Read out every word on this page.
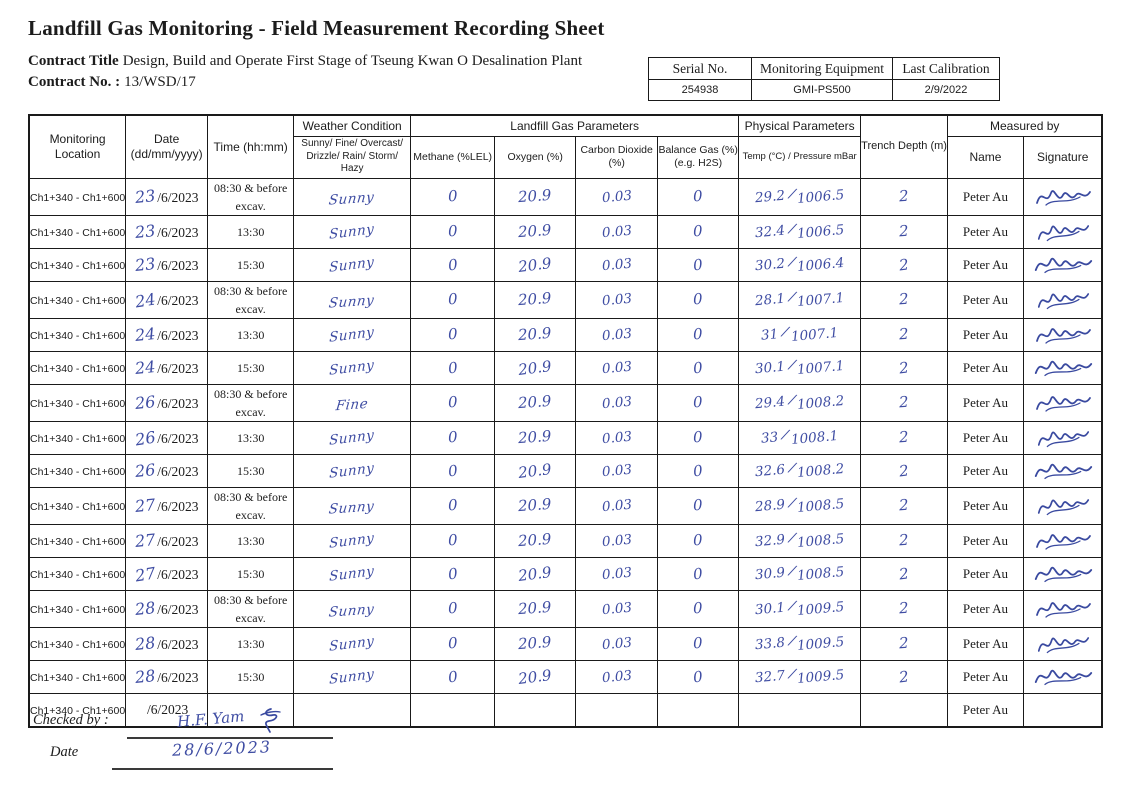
Landfill Gas Monitoring - Field Measurement Recording Sheet
Contract Title Design, Build and Operate First Stage of Tseung Kwan O Desalination Plant
Contract No. : 13/WSD/17
Serial No.	Monitoring Equipment	Last Calibration
254938	GMI-PS500	2/9/2022
Monitoring Location	Date (dd/mm/yyyy)	Time (hh:mm)	Weather Condition	Landfill Gas Parameters				Physical Parameters	Trench Depth (m)	Measured by	
			Sunny/ Fine/ Overcast/ Drizzle/ Rain/ Storm/ Hazy	Methane (%LEL)	Oxygen (%)	Carbon Dioxide (%)	Balance Gas (%) (e.g. H2S)	Temp (°C) / Pressure mBar		Name	Signature
Ch1+340 - Ch1+600	23/6/2023	08:30 & before excav.	Sunny	0	20.9	0.03	0	29.2 /1006.5	2	Peter Au	
Ch1+340 - Ch1+600	23/6/2023	13:30	Sunny	0	20.9	0.03	0	32.4 /1006.5	2	Peter Au	
Ch1+340 - Ch1+600	23/6/2023	15:30	Sunny	0	20.9	0.03	0	30.2 /1006.4	2	Peter Au	
Ch1+340 - Ch1+600	24/6/2023	08:30 & before excav.	Sunny	0	20.9	0.03	0	28.1 /1007.1	2	Peter Au	
Ch1+340 - Ch1+600	24/6/2023	13:30	Sunny	0	20.9	0.03	0	31 /1007.1	2	Peter Au	
Ch1+340 - Ch1+600	24/6/2023	15:30	Sunny	0	20.9	0.03	0	30.1 /1007.1	2	Peter Au	
Ch1+340 - Ch1+600	26/6/2023	08:30 & before excav.	Fine	0	20.9	0.03	0	29.4 /1008.2	2	Peter Au	
Ch1+340 - Ch1+600	26/6/2023	13:30	Sunny	0	20.9	0.03	0	33 /1008.1	2	Peter Au	
Ch1+340 - Ch1+600	26/6/2023	15:30	Sunny	0	20.9	0.03	0	32.6 /1008.2	2	Peter Au	
Ch1+340 - Ch1+600	27/6/2023	08:30 & before excav.	Sunny	0	20.9	0.03	0	28.9 /1008.5	2	Peter Au	
Ch1+340 - Ch1+600	27/6/2023	13:30	Sunny	0	20.9	0.03	0	32.9 /1008.5	2	Peter Au	
Ch1+340 - Ch1+600	27/6/2023	15:30	Sunny	0	20.9	0.03	0	30.9 /1008.5	2	Peter Au	
Ch1+340 - Ch1+600	28/6/2023	08:30 & before excav.	Sunny	0	20.9	0.03	0	30.1 /1009.5	2	Peter Au	
Ch1+340 - Ch1+600	28/6/2023	13:30	Sunny	0	20.9	0.03	0	33.8 /1009.5	2	Peter Au	
Ch1+340 - Ch1+600	28/6/2023	15:30	Sunny	0	20.9	0.03	0	32.7 /1009.5	2	Peter Au	
Ch1+340 - Ch1+600	/6/2023									Peter Au	
Checked by :	H.F. Yam
Date	28/6/2023
